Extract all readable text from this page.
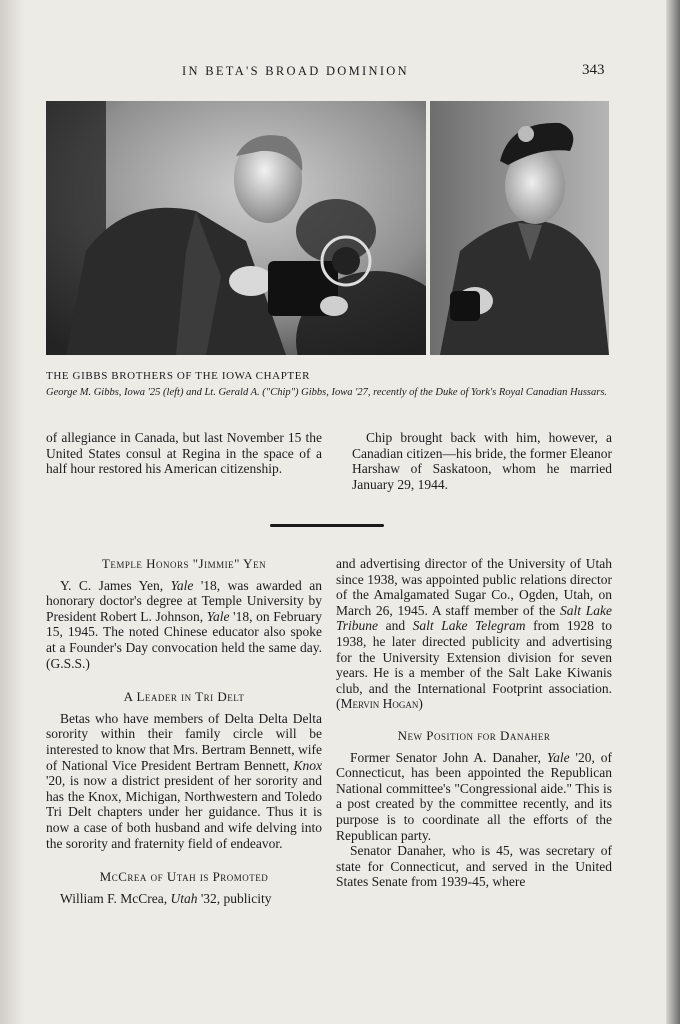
IN BETA'S BROAD DOMINION	343
THE GIBBS BROTHERS OF THE IOWA CHAPTER
George M. Gibbs, Iowa '25 (left) and Lt. Gerald A. ("Chip") Gibbs, Iowa '27, recently of the Duke of York's Royal Canadian Hussars.

of allegiance in Canada, but last November 15 the United States consul at Regina in the space of a half hour restored his American citizenship.

Chip brought back with him, however, a Canadian citizen—his bride, the former Eleanor Harshaw of Saskatoon, whom he married January 29, 1944.

Temple Honors "Jimmie" Yen

Y. C. James Yen, Yale '18, was awarded an honorary doctor's degree at Temple University by President Robert L. Johnson, Yale '18, on February 15, 1945. The noted Chinese educator also spoke at a Founder's Day convocation held the same day. (G.S.S.)

A Leader in Tri Delt

Betas who have members of Delta Delta Delta sorority within their family circle will be interested to know that Mrs. Bertram Bennett, wife of National Vice President Bertram Bennett, Knox '20, is now a district president of her sorority and has the Knox, Michigan, Northwestern and Toledo Tri Delt chapters under her guidance. Thus it is now a case of both husband and wife delving into the sorority and fraternity field of endeavor.

McCrea of Utah is Promoted

William F. McCrea, Utah '32, publicity

and advertising director of the University of Utah since 1938, was appointed public relations director of the Amalgamated Sugar Co., Ogden, Utah, on March 26, 1945. A staff member of the Salt Lake Tribune and Salt Lake Telegram from 1928 to 1938, he later directed publicity and advertising for the University Extension division for seven years. He is a member of the Salt Lake Kiwanis club, and the International Footprint association. (Mervin Hogan)

New Position for Danaher

Former Senator John A. Danaher, Yale '20, of Connecticut, has been appointed the Republican National committee's "Congressional aide." This is a post created by the committee recently, and its purpose is to coordinate all the efforts of the Republican party.

Senator Danaher, who is 45, was secretary of state for Connecticut, and served in the United States Senate from 1939-45, where
